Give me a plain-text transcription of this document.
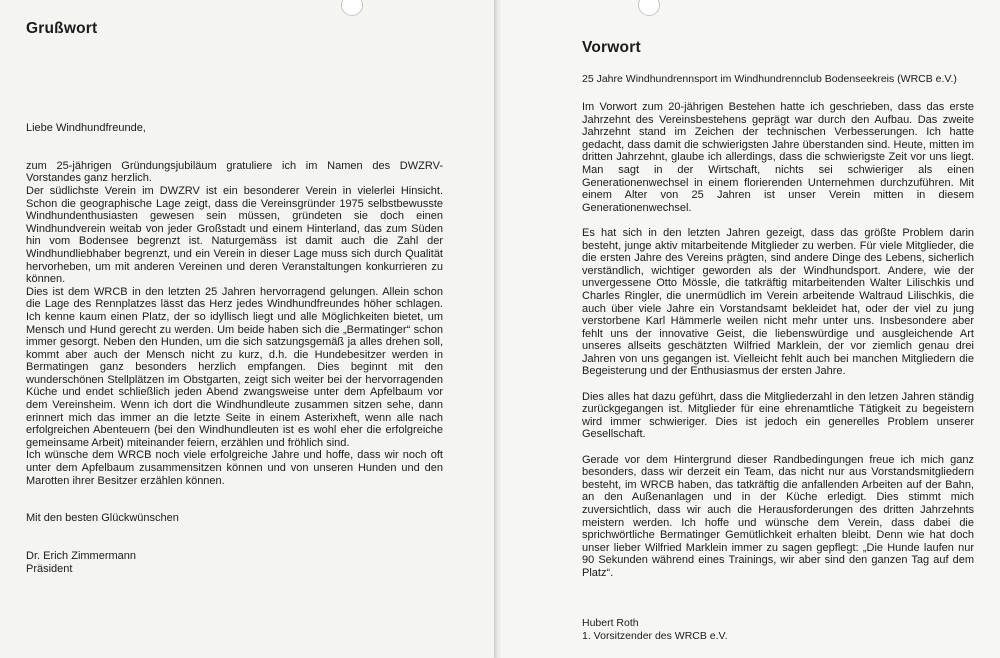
Grußwort

Liebe Windhundfreunde,

zum 25-jährigen Gründungsjubiläum gratuliere ich im Namen des DWZRV-Vorstandes ganz herzlich.

Der südlichste Verein im DWZRV ist ein besonderer Verein in vielerlei Hinsicht. Schon die geographische Lage zeigt, dass die Vereinsgründer 1975 selbstbewusste Windhundenthusiasten gewesen sein müssen, gründeten sie doch einen Windhundverein weitab von jeder Großstadt und einem Hinterland, das zum Süden hin vom Bodensee begrenzt ist. Naturgemäss ist damit auch die Zahl der Windhundliebhaber begrenzt, und ein Verein in dieser Lage muss sich durch Qualität hervorheben, um mit anderen Vereinen und deren Veranstaltungen konkurrieren zu können.

Dies ist dem WRCB in den letzten 25 Jahren hervorragend gelungen. Allein schon die Lage des Rennplatzes lässt das Herz jedes Windhundfreundes höher schlagen. Ich kenne kaum einen Platz, der so idyllisch liegt und alle Möglichkeiten bietet, um Mensch und Hund gerecht zu werden. Um beide haben sich die „Bermatinger“ schon immer gesorgt. Neben den Hunden, um die sich satzungsgemäß ja alles drehen soll, kommt aber auch der Mensch nicht zu kurz, d.h. die Hundebesitzer werden in Bermatingen ganz besonders herzlich empfangen. Dies beginnt mit den wunderschönen Stellplätzen im Obstgarten, zeigt sich weiter bei der hervorragenden Küche und endet schließlich jeden Abend zwangsweise unter dem Apfelbaum vor dem Vereinsheim. Wenn ich dort die Windhundleute zusammen sitzen sehe, dann erinnert mich das immer an die letzte Seite in einem Asterixheft, wenn alle nach erfolgreichen Abenteuern (bei den Windhundleuten ist es wohl eher die erfolgreiche gemeinsame Arbeit) miteinander feiern, erzählen und fröhlich sind.

Ich wünsche dem WRCB noch viele erfolgreiche Jahre und hoffe, dass wir noch oft unter dem Apfelbaum zusammensitzen können und von unseren Hunden und den Marotten ihrer Besitzer erzählen können.

Mit den besten Glückwünschen

Dr. Erich Zimmermann

Präsident

Vorwort
25 Jahre Windhundrennsport im Windhundrennclub Bodenseekreis (WRCB e.V.)

Im Vorwort zum 20-jährigen Bestehen hatte ich geschrieben, dass das erste Jahrzehnt des Vereinsbestehens geprägt war durch den Aufbau. Das zweite Jahrzehnt stand im Zeichen der technischen Verbesserungen. Ich hatte gedacht, dass damit die schwierigsten Jahre überstanden sind. Heute, mitten im dritten Jahrzehnt, glaube ich allerdings, dass die schwierigste Zeit vor uns liegt. Man sagt in der Wirtschaft, nichts sei schwieriger als einen Generationenwechsel in einem florierenden Unternehmen durchzuführen. Mit einem Alter von 25 Jahren ist unser Verein mitten in diesem Generationenwechsel.

Es hat sich in den letzten Jahren gezeigt, dass das größte Problem darin besteht, junge aktiv mitarbeitende Mitglieder zu werben. Für viele Mitglieder, die die ersten Jahre des Vereins prägten, sind andere Dinge des Lebens, sicherlich verständlich, wichtiger geworden als der Windhundsport. Andere, wie der unvergessene Otto Mössle, die tatkräftig mitarbeitenden Walter Lilischkis und Charles Ringler, die unermüdlich im Verein arbeitende Waltraud Lilischkis, die auch über viele Jahre ein Vorstandsamt bekleidet hat, oder der viel zu jung verstorbene Karl Hämmerle weilen nicht mehr unter uns. Insbesondere aber fehlt uns der innovative Geist, die liebenswürdige und ausgleichende Art unseres allseits geschätzten Wilfried Marklein, der vor ziemlich genau drei Jahren von uns gegangen ist. Vielleicht fehlt auch bei manchen Mitgliedern die Begeisterung und der Enthusiasmus der ersten Jahre.

Dies alles hat dazu geführt, dass die Mitgliederzahl in den letzen Jahren ständig zurückgegangen ist. Mitglieder für eine ehrenamtliche Tätigkeit zu begeistern wird immer schwieriger. Dies ist jedoch ein generelles Problem unserer Gesellschaft.

Gerade vor dem Hintergrund dieser Randbedingungen freue ich mich ganz besonders, dass wir derzeit ein Team, das nicht nur aus Vorstandsmitgliedern besteht, im WRCB haben, das tatkräftig die anfallenden Arbeiten auf der Bahn, an den Außenanlagen und in der Küche erledigt. Dies stimmt mich zuversichtlich, dass wir auch die Herausforderungen des dritten Jahrzehnts meistern werden. Ich hoffe und wünsche dem Verein, dass dabei die sprichwörtliche Bermatinger Gemütlichkeit erhalten bleibt. Denn wie hat doch unser lieber Wilfried Marklein immer zu sagen gepflegt: „Die Hunde laufen nur 90 Sekunden während eines Trainings, wir aber sind den ganzen Tag auf dem Platz“.

Hubert Roth
1. Vorsitzender des WRCB e.V.
